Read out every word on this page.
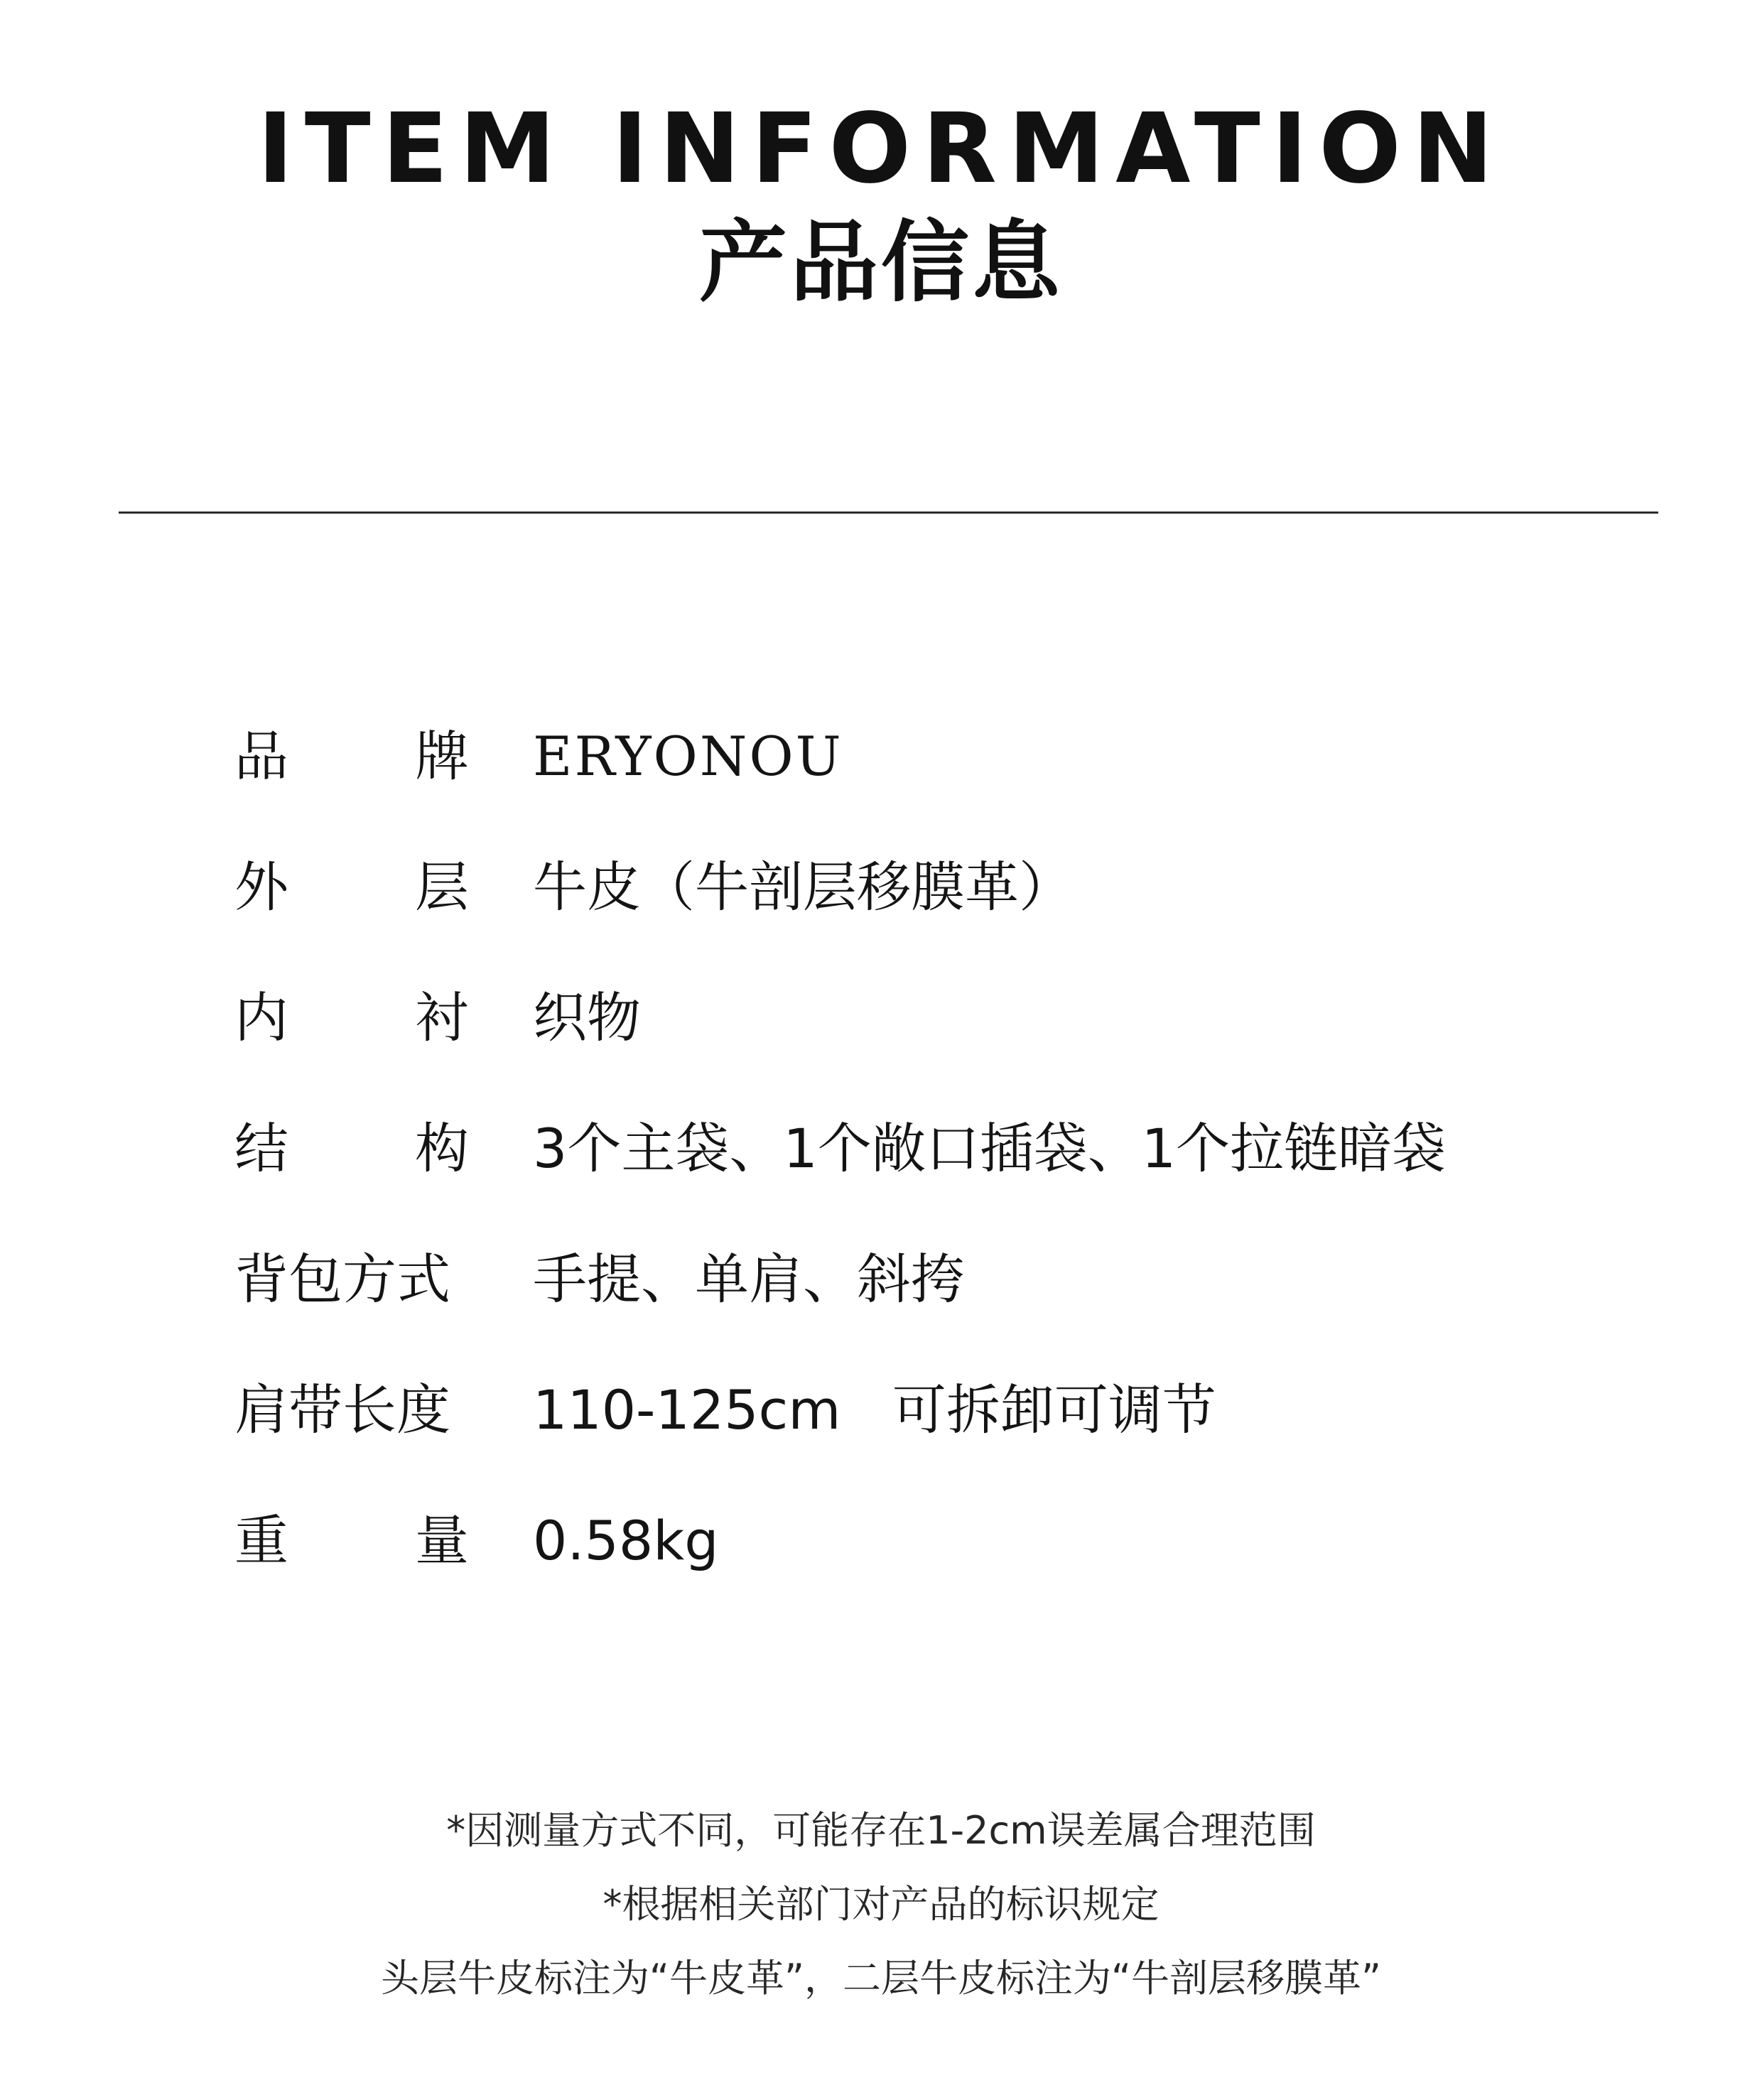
ITEM INFORMATION
产品信息
品 牌 ERYONOU
外 层 牛皮（牛剖层移膜革）
内 衬 织物
结 构 3个主袋、1个敞口插袋、1个拉链暗袋
背包方式	手提、单肩、斜挎
肩带长度	110-125cm   可拆卸可调节
重 量 0.58kg
*因测量方式不同，可能存在1-2cm误差属合理范围
*根据相关部门对产品的标识规定
头层牛皮标注为“牛皮革”，二层牛皮标注为“牛剖层移膜革”
